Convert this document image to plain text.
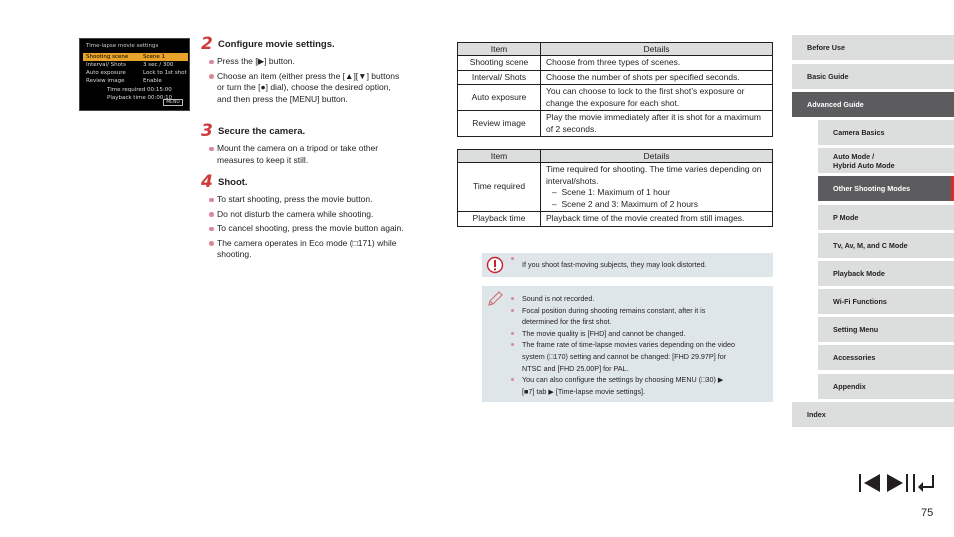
Time-lapse movie settings
Shooting scene	Scene 1
Interval/ Shots	3 sec / 300
Auto exposure	Lock to 1st shot
Review image	Enable
Time required 00:15:00
Playback time 00:00:10
MENU
2 Configure movie settings.
Press the [▶] button.
Choose an item (either press the [▲][▼] buttons or turn the [●] dial), choose the desired option, and then press the [MENU] button.
3 Secure the camera.
Mount the camera on a tripod or take other measures to keep it still.
4 Shoot.
To start shooting, press the movie button.
Do not disturb the camera while shooting.
To cancel shooting, press the movie button again.
The camera operates in Eco mode (□171) while shooting.
Item	Details
Shooting scene	Choose from three types of scenes.
Interval/ Shots	Choose the number of shots per specified seconds.
Auto exposure	You can choose to lock to the first shot’s exposure or change the exposure for each shot.
Review image	Play the movie immediately after it is shot for a maximum of 2 seconds.
Item	Details
Time required	Time required for shooting. The time varies depending on interval/shots.
–  Scene 1: Maximum of 1 hour
–  Scene 2 and 3: Maximum of 2 hours

Playback time	Playback time of the movie created from still images.
If you shoot fast-moving subjects, they may look distorted.
Sound is not recorded.
Focal position during shooting remains constant, after it is determined for the first shot.
The movie quality is [FHD] and cannot be changed.
The frame rate of time-lapse movies varies depending on the video system (□170) setting and cannot be changed: [FHD 29.97P] for NTSC and [FHD 25.00P] for PAL.
You can also configure the settings by choosing MENU (□30) ▶ [■7] tab ▶ [Time-lapse movie settings].
Before Use
Basic Guide
Advanced Guide
Camera Basics
Auto Mode /
Hybrid Auto Mode
Other Shooting Modes
P Mode
Tv, Av, M, and C Mode
Playback Mode
Wi-Fi Functions
Setting Menu
Accessories
Appendix
Index
75
